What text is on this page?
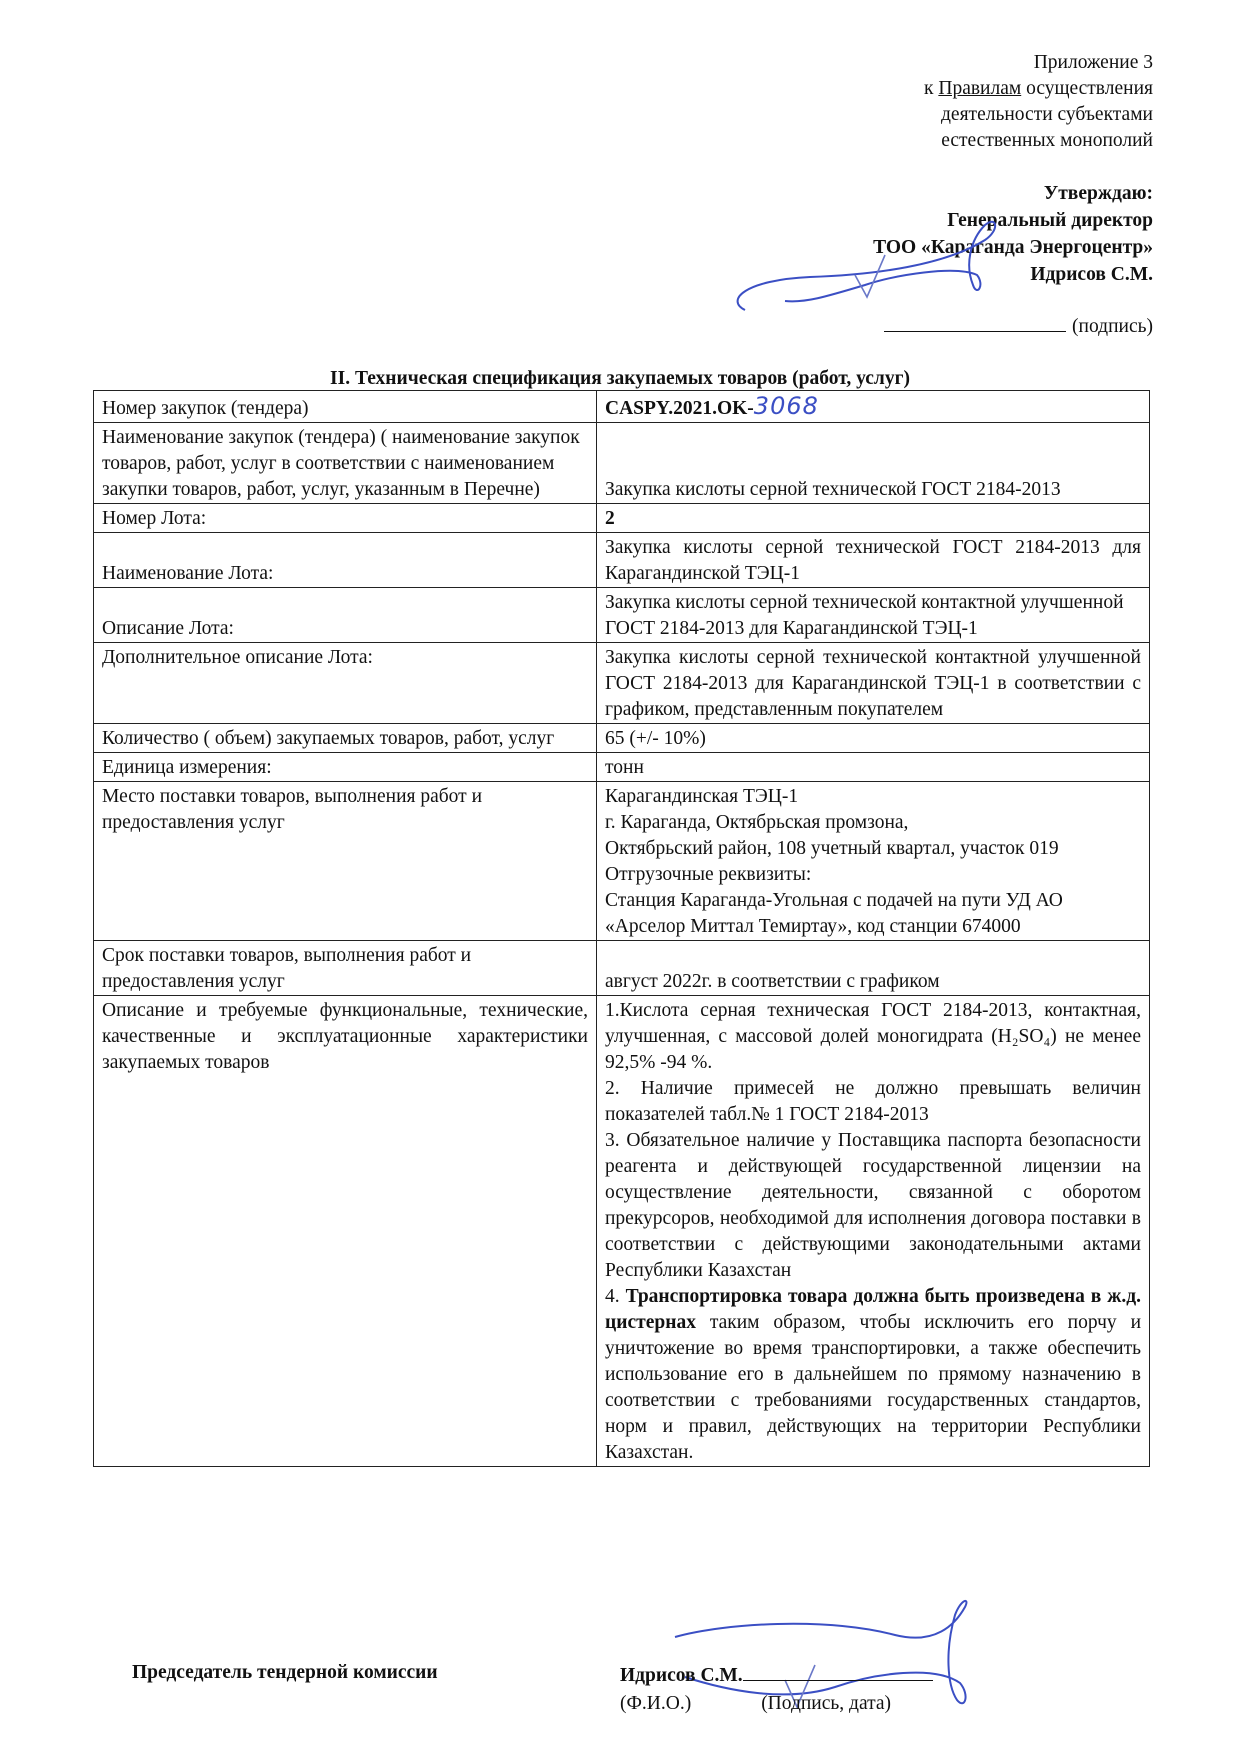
Приложение 3
к Правилам осуществления
деятельности субъектами
естественных монополий
Утверждаю:
Генеральный директор
ТОО «Караганда Энергоцентр»
Идрисов С.М.
(подпись)
II. Техническая спецификация закупаемых товаров (работ, услуг)
Номер закупок (тендера)	CASPY.2021.OK-3068
Наименование закупок (тендера) ( наименование закупок товаров, работ, услуг в соответствии с наименованием закупки товаров, работ, услуг, указанным в Перечне)	Закупка кислоты серной технической ГОСТ 2184-2013
Номер Лота:	2
Наименование Лота:	Закупка кислоты серной технической ГОСТ 2184-2013 для Карагандинской ТЭЦ-1
Описание Лота:	Закупка кислоты серной технической контактной улучшенной ГОСТ 2184-2013 для Карагандинской ТЭЦ-1
Дополнительное описание Лота:	Закупка кислоты серной технической контактной улучшенной ГОСТ 2184-2013 для Карагандинской ТЭЦ-1 в соответствии с графиком, представленным покупателем
Количество ( объем) закупаемых товаров, работ, услуг	65 (+/- 10%)
Единица измерения:	тонн
Место поставки товаров, выполнения работ и предоставления услуг	Карагандинская ТЭЦ-1
г. Караганда, Октябрьская промзона,
Октябрьский район, 108 учетный квартал, участок 019
Отгрузочные реквизиты:
Станция Караганда-Угольная с подачей на пути УД АО «Арселор Миттал Темиртау», код станции 674000

Срок поставки товаров, выполнения работ и предоставления услуг	август 2022г. в соответствии с графиком
Описание и требуемые функциональные, технические, качественные и эксплуатационные характеристики закупаемых товаров	1.Кислота серная техническая ГОСТ 2184-2013, контактная, улучшенная, с массовой долей моногидрата (H₂SO₄) не менее 92,5% -94 %.

2. Наличие примесей не должно превышать величин показателей табл.№ 1 ГОСТ 2184-2013

3. Обязательное наличие у Поставщика паспорта безопасности реагента и действующей государственной лицензии на осуществление деятельности, связанной с оборотом прекурсоров, необходимой для исполнения договора поставки в соответствии с действующими законодательными актами Республики Казахстан

4. Транспортировка товара должна быть произведена в ж.д. цистернах таким образом, чтобы исключить его порчу и уничтожение во время транспортировки, а также обеспечить использование его в дальнейшем по прямому назначению в соответствии с требованиями государственных стандартов, норм и правил, действующих на территории Республики Казахстан.

Председатель тендерной комиссии	Идрисов С.М.
(Ф.И.О.)	(Подпись, дата)
